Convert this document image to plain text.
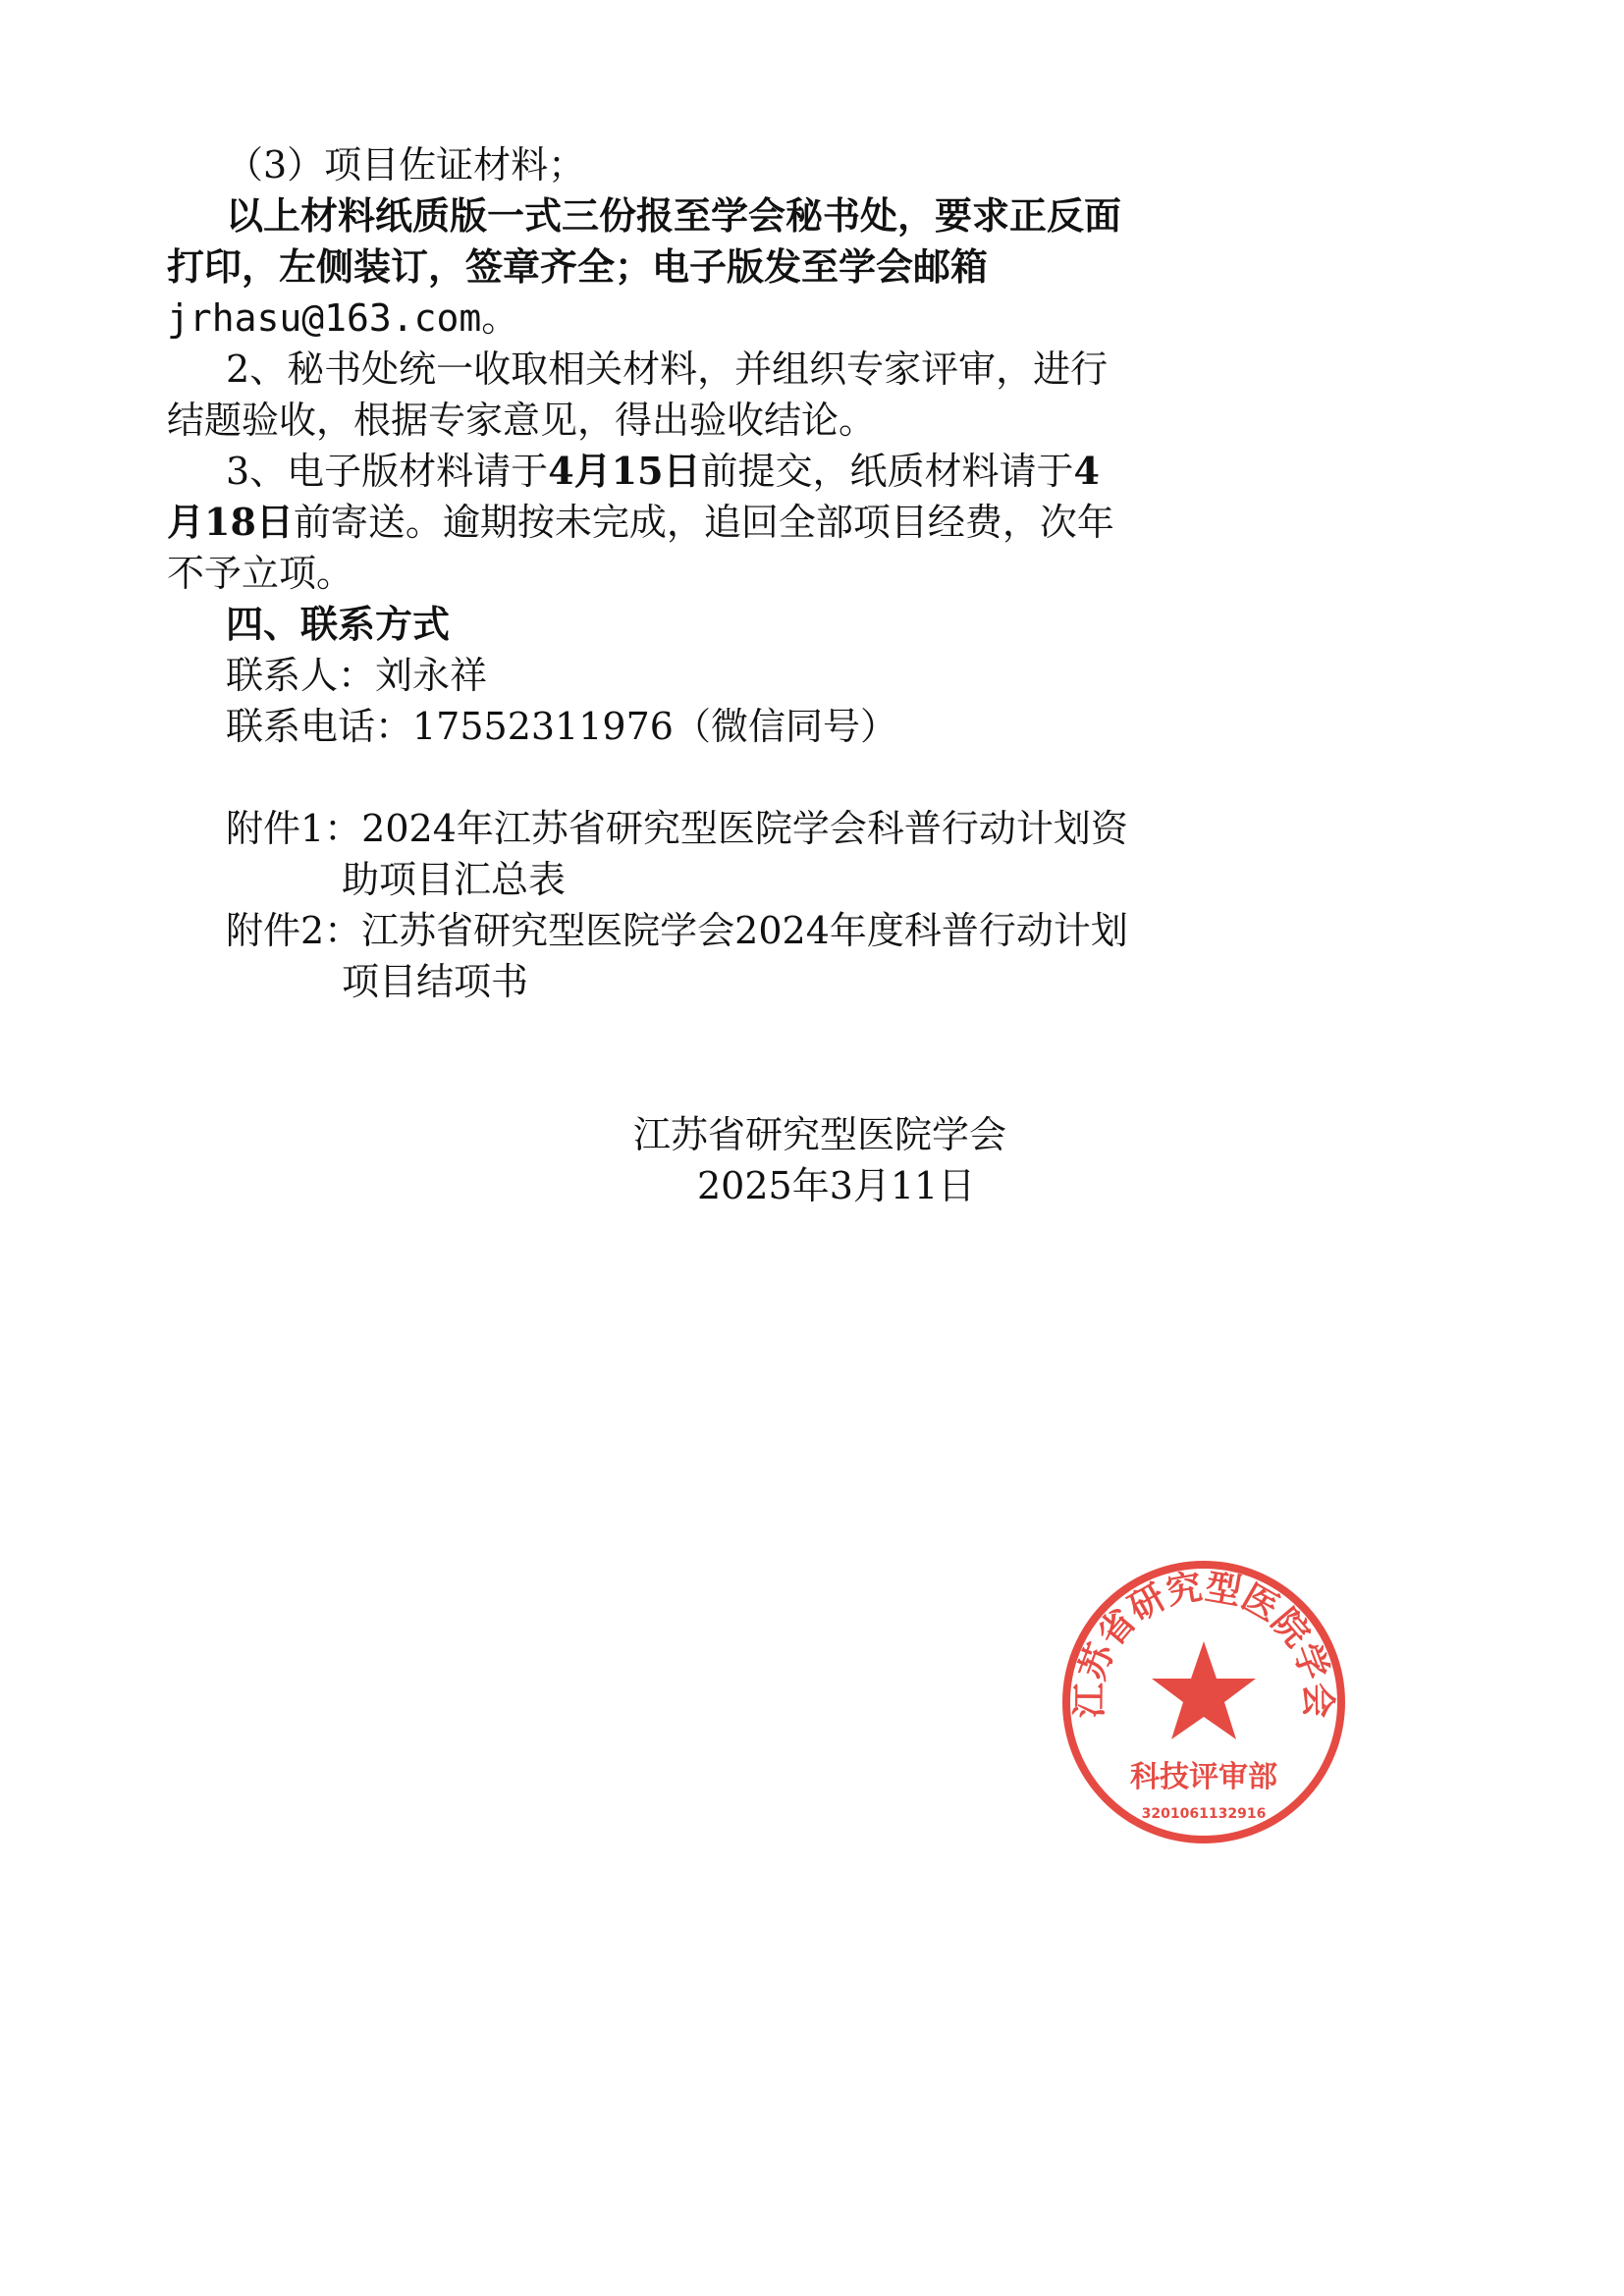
（3）项目佐证材料；
以上材料纸质版一式三份报至学会秘书处，要求正反面
打印，左侧装订，签章齐全；电子版发至学会邮箱
jrhasu@163.com。
2、秘书处统一收取相关材料，并组织专家评审，进行
结题验收，根据专家意见，得出验收结论。
3、电子版材料请于4月15日前提交，纸质材料请于4
月18日前寄送。逾期按未完成，追回全部项目经费，次年
不予立项。
四、联系方式
联系人：刘永祥
联系电话：17552311976（微信同号）
附件1：2024年江苏省研究型医院学会科普行动计划资
助项目汇总表
附件2：江苏省研究型医院学会2024年度科普行动计划
项目结项书
江苏省研究型医院学会
2025年3月11日
江苏省研究型医院学会
科技评审部
3201061132916
